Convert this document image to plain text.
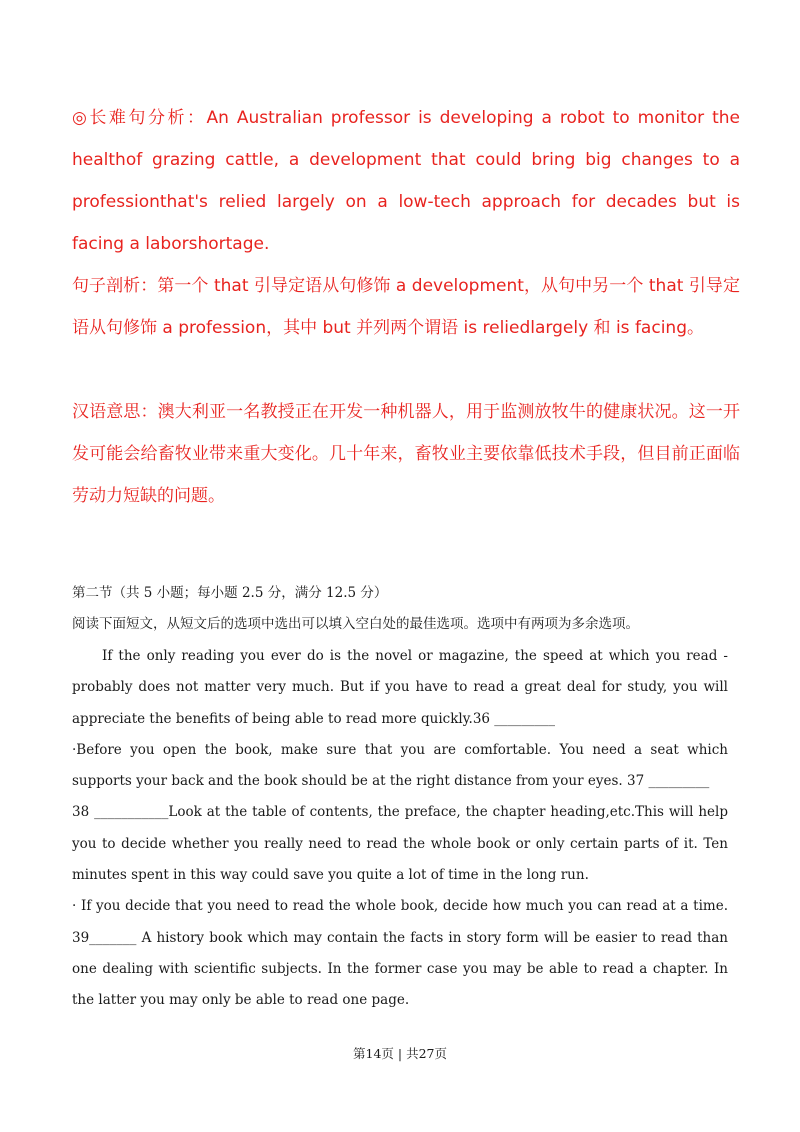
◎长难句分析：An Australian professor is developing a robot to monitor the healthof grazing cattle, a development that could bring big changes to a professionthat's relied largely on a low-tech approach for decades but is facing a laborshortage.

句子剖析：第一个 that 引导定语从句修饰 a development，从句中另一个 that 引导定语从句修饰 a profession，其中 but 并列两个谓语 is reliedlargely 和 is facing。

汉语意思：澳大利亚一名教授正在开发一种机器人，用于监测放牧牛的健康状况。这一开发可能会给畜牧业带来重大变化。几十年来，畜牧业主要依靠低技术手段，但目前正面临劳动力短缺的问题。

第二节（共 5 小题；每小题 2.5 分，满分 12.5 分）

阅读下面短文，从短文后的选项中选出可以填入空白处的最佳选项。选项中有两项为多余选项。

If the only reading you ever do is the novel or magazine, the speed at which you read -probably does not matter very much. But if you have to read a great deal for study, you will appreciate the benefits of being able to read more quickly.36 _________

·Before you open the book, make sure that you are comfortable. You need a seat which supports your back and the book should be at the right distance from your eyes. 37 _________

38 ___________Look at the table of contents, the preface, the chapter heading,etc.This will help you to decide whether you really need to read the whole book or only certain parts of it. Ten minutes spent in this way could save you quite a lot of time in the long run.

· If you decide that you need to read the whole book, decide how much you can read at a time. 39_______ A history book which may contain the facts in story form will be easier to read than one dealing with scientific subjects. In the former case you may be able to read a chapter. In the latter you may only be able to read one page.

第14页 | 共27页
